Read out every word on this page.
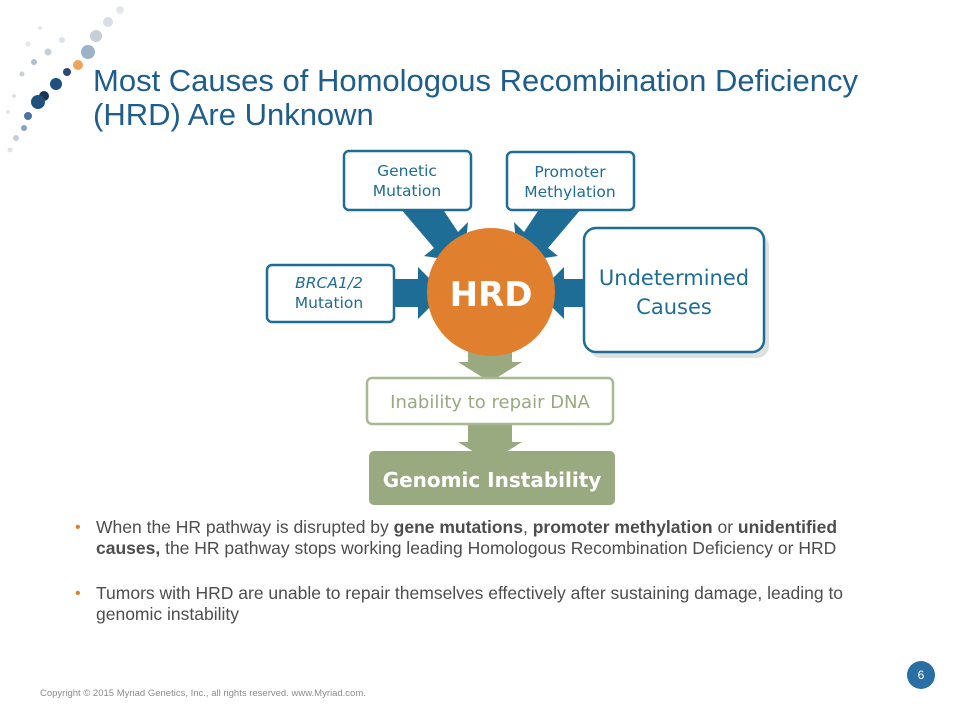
Most Causes of Homologous Recombination Deficiency
(HRD) Are Unknown
HRD
Genetic
Mutation
Promoter
Methylation
BRCA1/2
Mutation
Undetermined
Causes
Inability to repair DNA
Genomic Instability
• When the HR pathway is disrupted by gene mutations, promoter methylation or unidentified causes, the HR pathway stops working leading Homologous Recombination Deficiency or HRD
• Tumors with HRD are unable to repair themselves effectively after sustaining damage, leading to genomic instability
Copyright © 2015 Myriad Genetics, Inc., all rights reserved. www.Myriad.com.
6
